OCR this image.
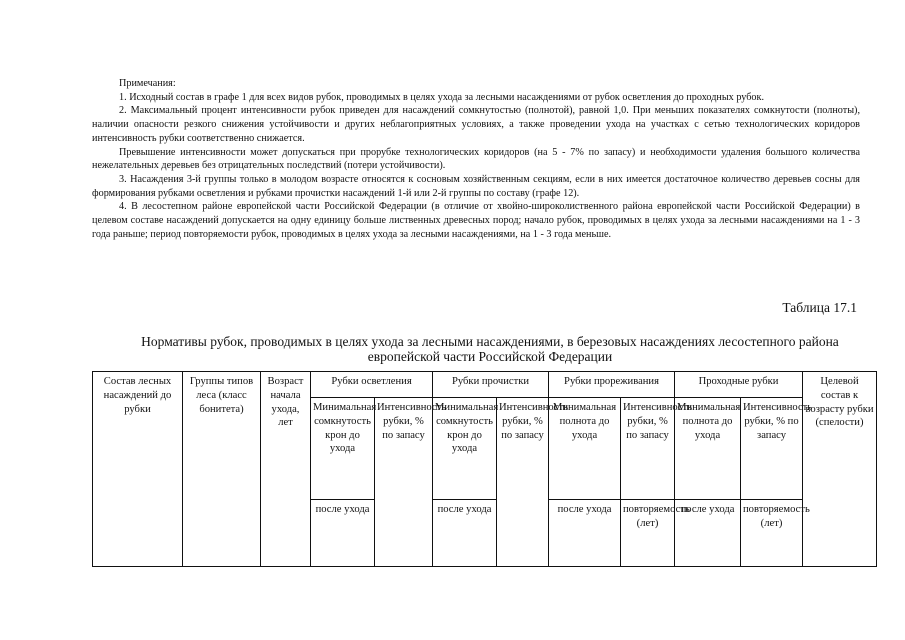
Примечания:

1. Исходный состав в графе 1 для всех видов рубок, проводимых в целях ухода за лесными насаждениями от рубок осветления до проходных рубок.

2. Максимальный процент интенсивности рубок приведен для насаждений сомкнутостью (полнотой), равной 1,0. При меньших показателях сомкнутости (полноты), наличии опасности резкого снижения устойчивости и других неблагоприятных условиях, а также проведении ухода на участках с сетью технологических коридоров интенсивность рубки соответственно снижается.

Превышение интенсивности может допускаться при прорубке технологических коридоров (на 5 - 7% по запасу) и необходимости удаления большого количества нежелательных деревьев без отрицательных последствий (потери устойчивости).

3. Насаждения 3-й группы только в молодом возрасте относятся к сосновым хозяйственным секциям, если в них имеется достаточное количество деревьев сосны для формирования рубками осветления и рубками прочистки насаждений 1-й или 2-й группы по составу (графе 12).

4. В лесостепном районе европейской части Российской Федерации (в отличие от хвойно-широколиственного района европейской части Российской Федерации) в целевом составе насаждений допускается на одну единицу больше лиственных древесных пород; начало рубок, проводимых в целях ухода за лесными насаждениями на 1 - 3 года раньше; период повторяемости рубок, проводимых в целях ухода за лесными насаждениями, на 1 - 3 года меньше.

Таблица 17.1
Нормативы рубок, проводимых в целях ухода за лесными насаждениями, в березовых насаждениях лесостепного района европейской части Российской Федерации
Состав лесных насаждений до рубки	Группы типов леса (класс бонитета)	Возраст начала ухода, лет	Рубки осветления		Рубки прочистки		Рубки прореживания		Проходные рубки		Целевой состав к возрасту рубки (спелости)
			Минимальная сомкнутость крон до ухода	Интенсивность рубки, % по запасу	Минимальная сомкнутость крон до ухода	Интенсивность рубки, % по запасу	Минимальная полнота до ухода	Интенсивность рубки, % по запасу	Минимальная полнота до ухода	Интенсивность рубки, % по запасу	
			после ухода		после ухода		после ухода	повторяемость (лет)	после ухода	повторяемость (лет)	
